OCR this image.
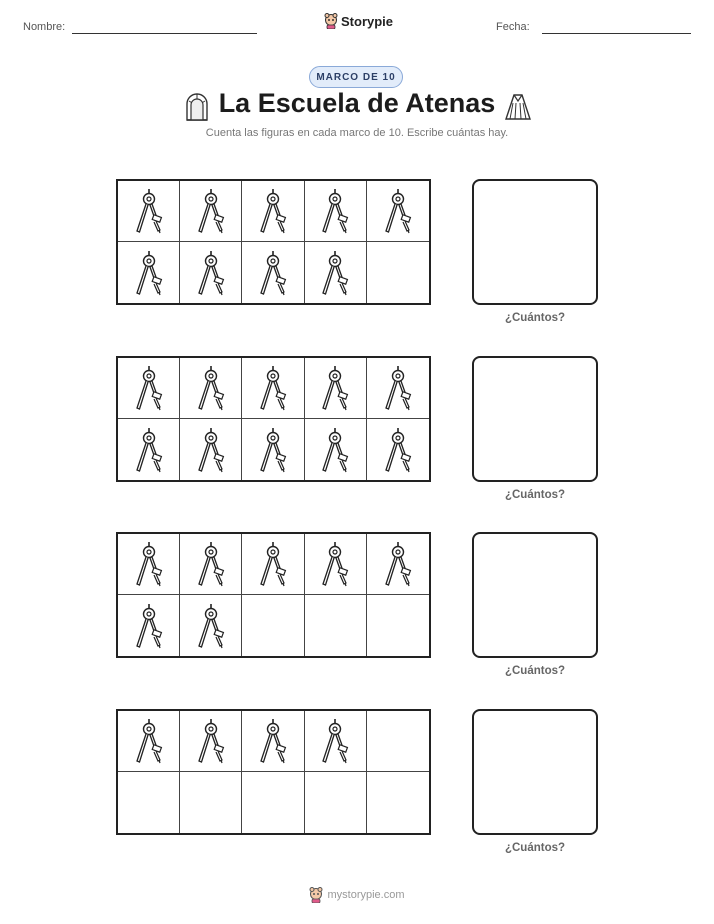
Nombre:	Storypie	Fecha:
MARCO DE 10
La Escuela de Atenas
Cuenta las figuras en cada marco de 10. Escribe cuántas hay.
¿Cuántos?
¿Cuántos?
¿Cuántos?
¿Cuántos?
mystorypie.com
